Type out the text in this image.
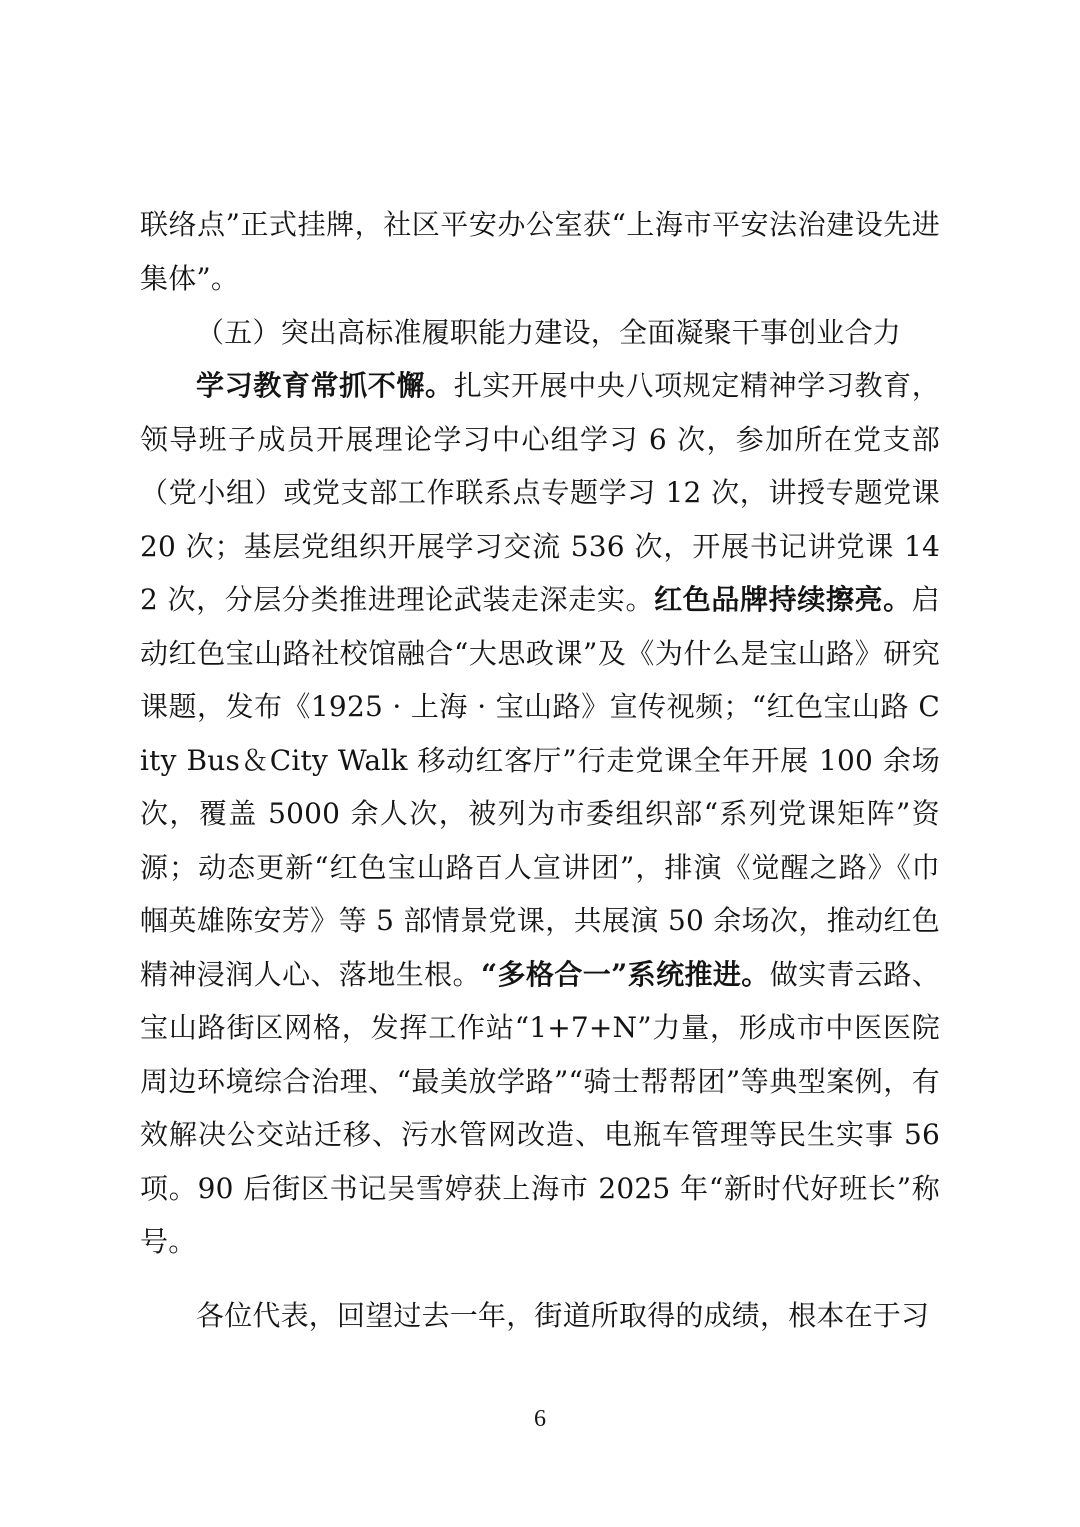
联络点”正式挂牌，社区平安办公室获“上海市平安法治建设先进集体”。

（五）突出高标准履职能力建设，全面凝聚干事创业合力

学习教育常抓不懈。扎实开展中央八项规定精神学习教育，领导班子成员开展理论学习中心组学习 6 次，参加所在党支部（党小组）或党支部工作联系点专题学习 12 次，讲授专题党课 20 次；基层党组织开展学习交流 536 次，开展书记讲党课 142 次，分层分类推进理论武装走深走实。红色品牌持续擦亮。启动红色宝山路社校馆融合“大思政课”及《为什么是宝山路》研究课题，发布《1925 · 上海 · 宝山路》宣传视频；“红色宝山路 City Bus＆City Walk 移动红客厅”行走党课全年开展 100 余场次，覆盖 5000 余人次，被列为市委组织部“系列党课矩阵”资源；动态更新“红色宝山路百人宣讲团”，排演《觉醒之路》《巾帼英雄陈安芳》等 5 部情景党课，共展演 50 余场次，推动红色精神浸润人心、落地生根。“多格合一”系统推进。做实青云路、宝山路街区网格，发挥工作站“1+7+N”力量，形成市中医医院周边环境综合治理、“最美放学路”“骑士帮帮团”等典型案例，有效解决公交站迁移、污水管网改造、电瓶车管理等民生实事 56 项。90 后街区书记吴雪婷获上海市 2025 年“新时代好班长”称号。

各位代表，回望过去一年，街道所取得的成绩，根本在于习

6
